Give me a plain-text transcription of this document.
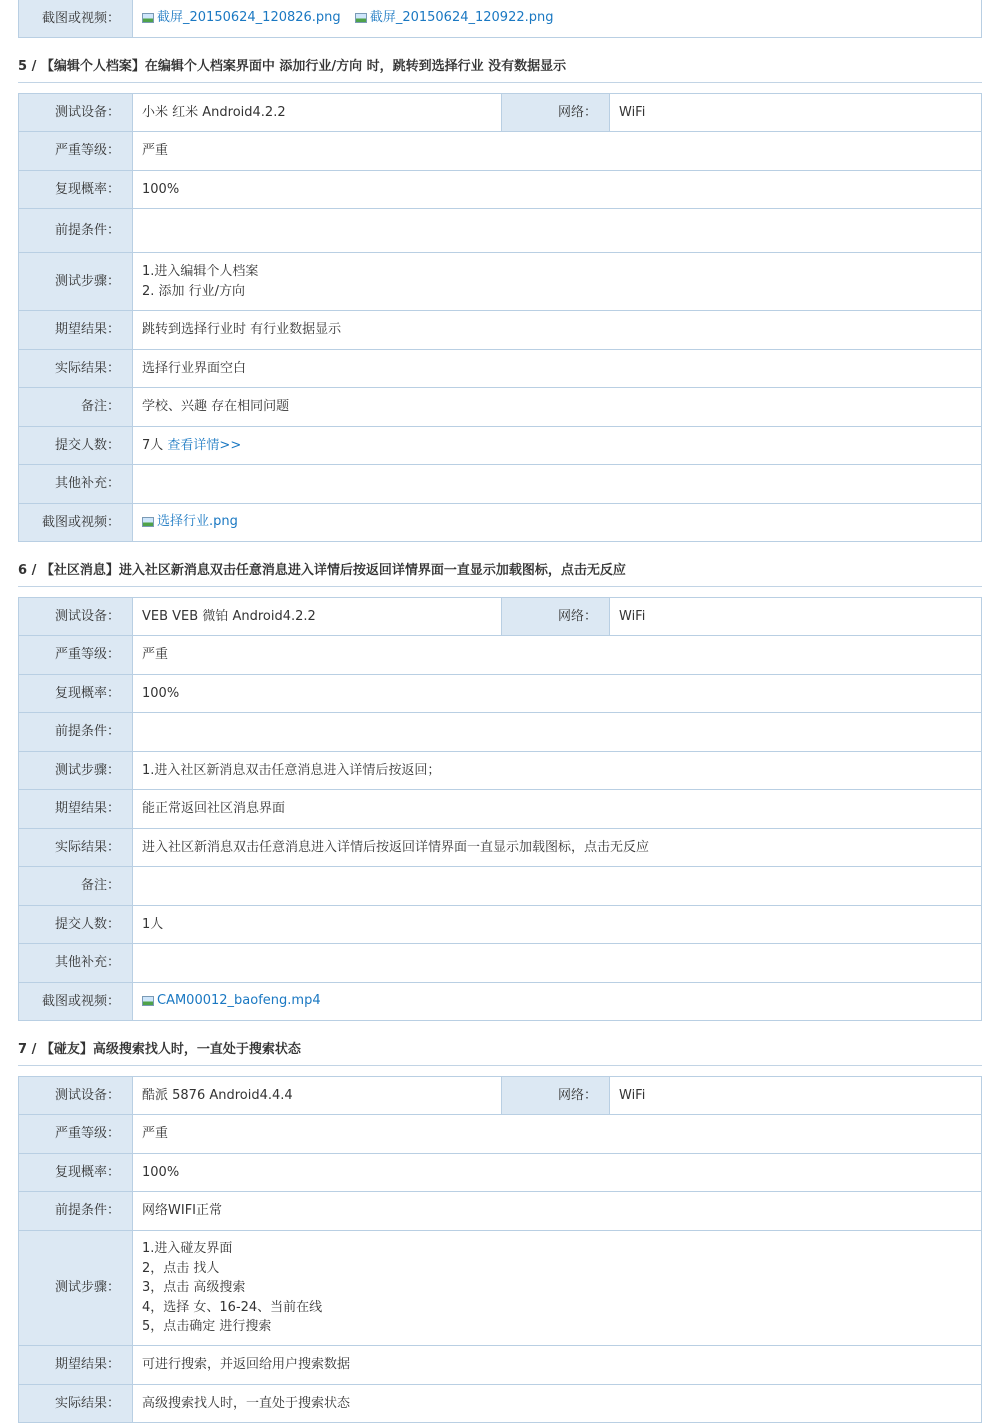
截图或视频：	截屏_20150624_120826.png
截屏_20150624_120922.png
5 / 【编辑个人档案】在编辑个人档案界面中 添加行业/方向 时，跳转到选择行业 没有数据显示
测试设备：	小米 红米 Android4.2.2	网络：	WiFi
严重等级：	严重		
复现概率：	100%		
前提条件：			
测试步骤：	1.进入编辑个人档案
2. 添加 行业/方向		

期望结果：	跳转到选择行业时 有行业数据显示		
实际结果：	选择行业界面空白		
备注：	学校、兴趣 存在相同问题		
提交人数：	7人 查看详情>>		
其他补充：			
截图或视频：	选择行业.png		
6 / 【社区消息】进入社区新消息双击任意消息进入详情后按返回详情界面一直显示加载图标，点击无反应
测试设备：	VEB VEB 微铂 Android4.2.2	网络：	WiFi
严重等级：	严重		
复现概率：	100%		
前提条件：			
测试步骤：	1.进入社区新消息双击任意消息进入详情后按返回；		

期望结果：	能正常返回社区消息界面		
实际结果：	进入社区新消息双击任意消息进入详情后按返回详情界面一直显示加载图标，点击无反应		
备注：			
提交人数：	1人		
其他补充：			
截图或视频：	CAM00012_baofeng.mp4		
7 / 【碰友】高级搜索找人时，一直处于搜索状态
测试设备：	酷派 5876 Android4.4.4	网络：	WiFi
严重等级：	严重		
复现概率：	100%		
前提条件：	网络WIFI正常		
测试步骤：	1.进入碰友界面
2，点击 找人
3，点击 高级搜索
4，选择 女、16-24、当前在线
5，点击确定 进行搜索		

期望结果：	可进行搜索，并返回给用户搜索数据		
实际结果：	高级搜索找人时，一直处于搜索状态		
